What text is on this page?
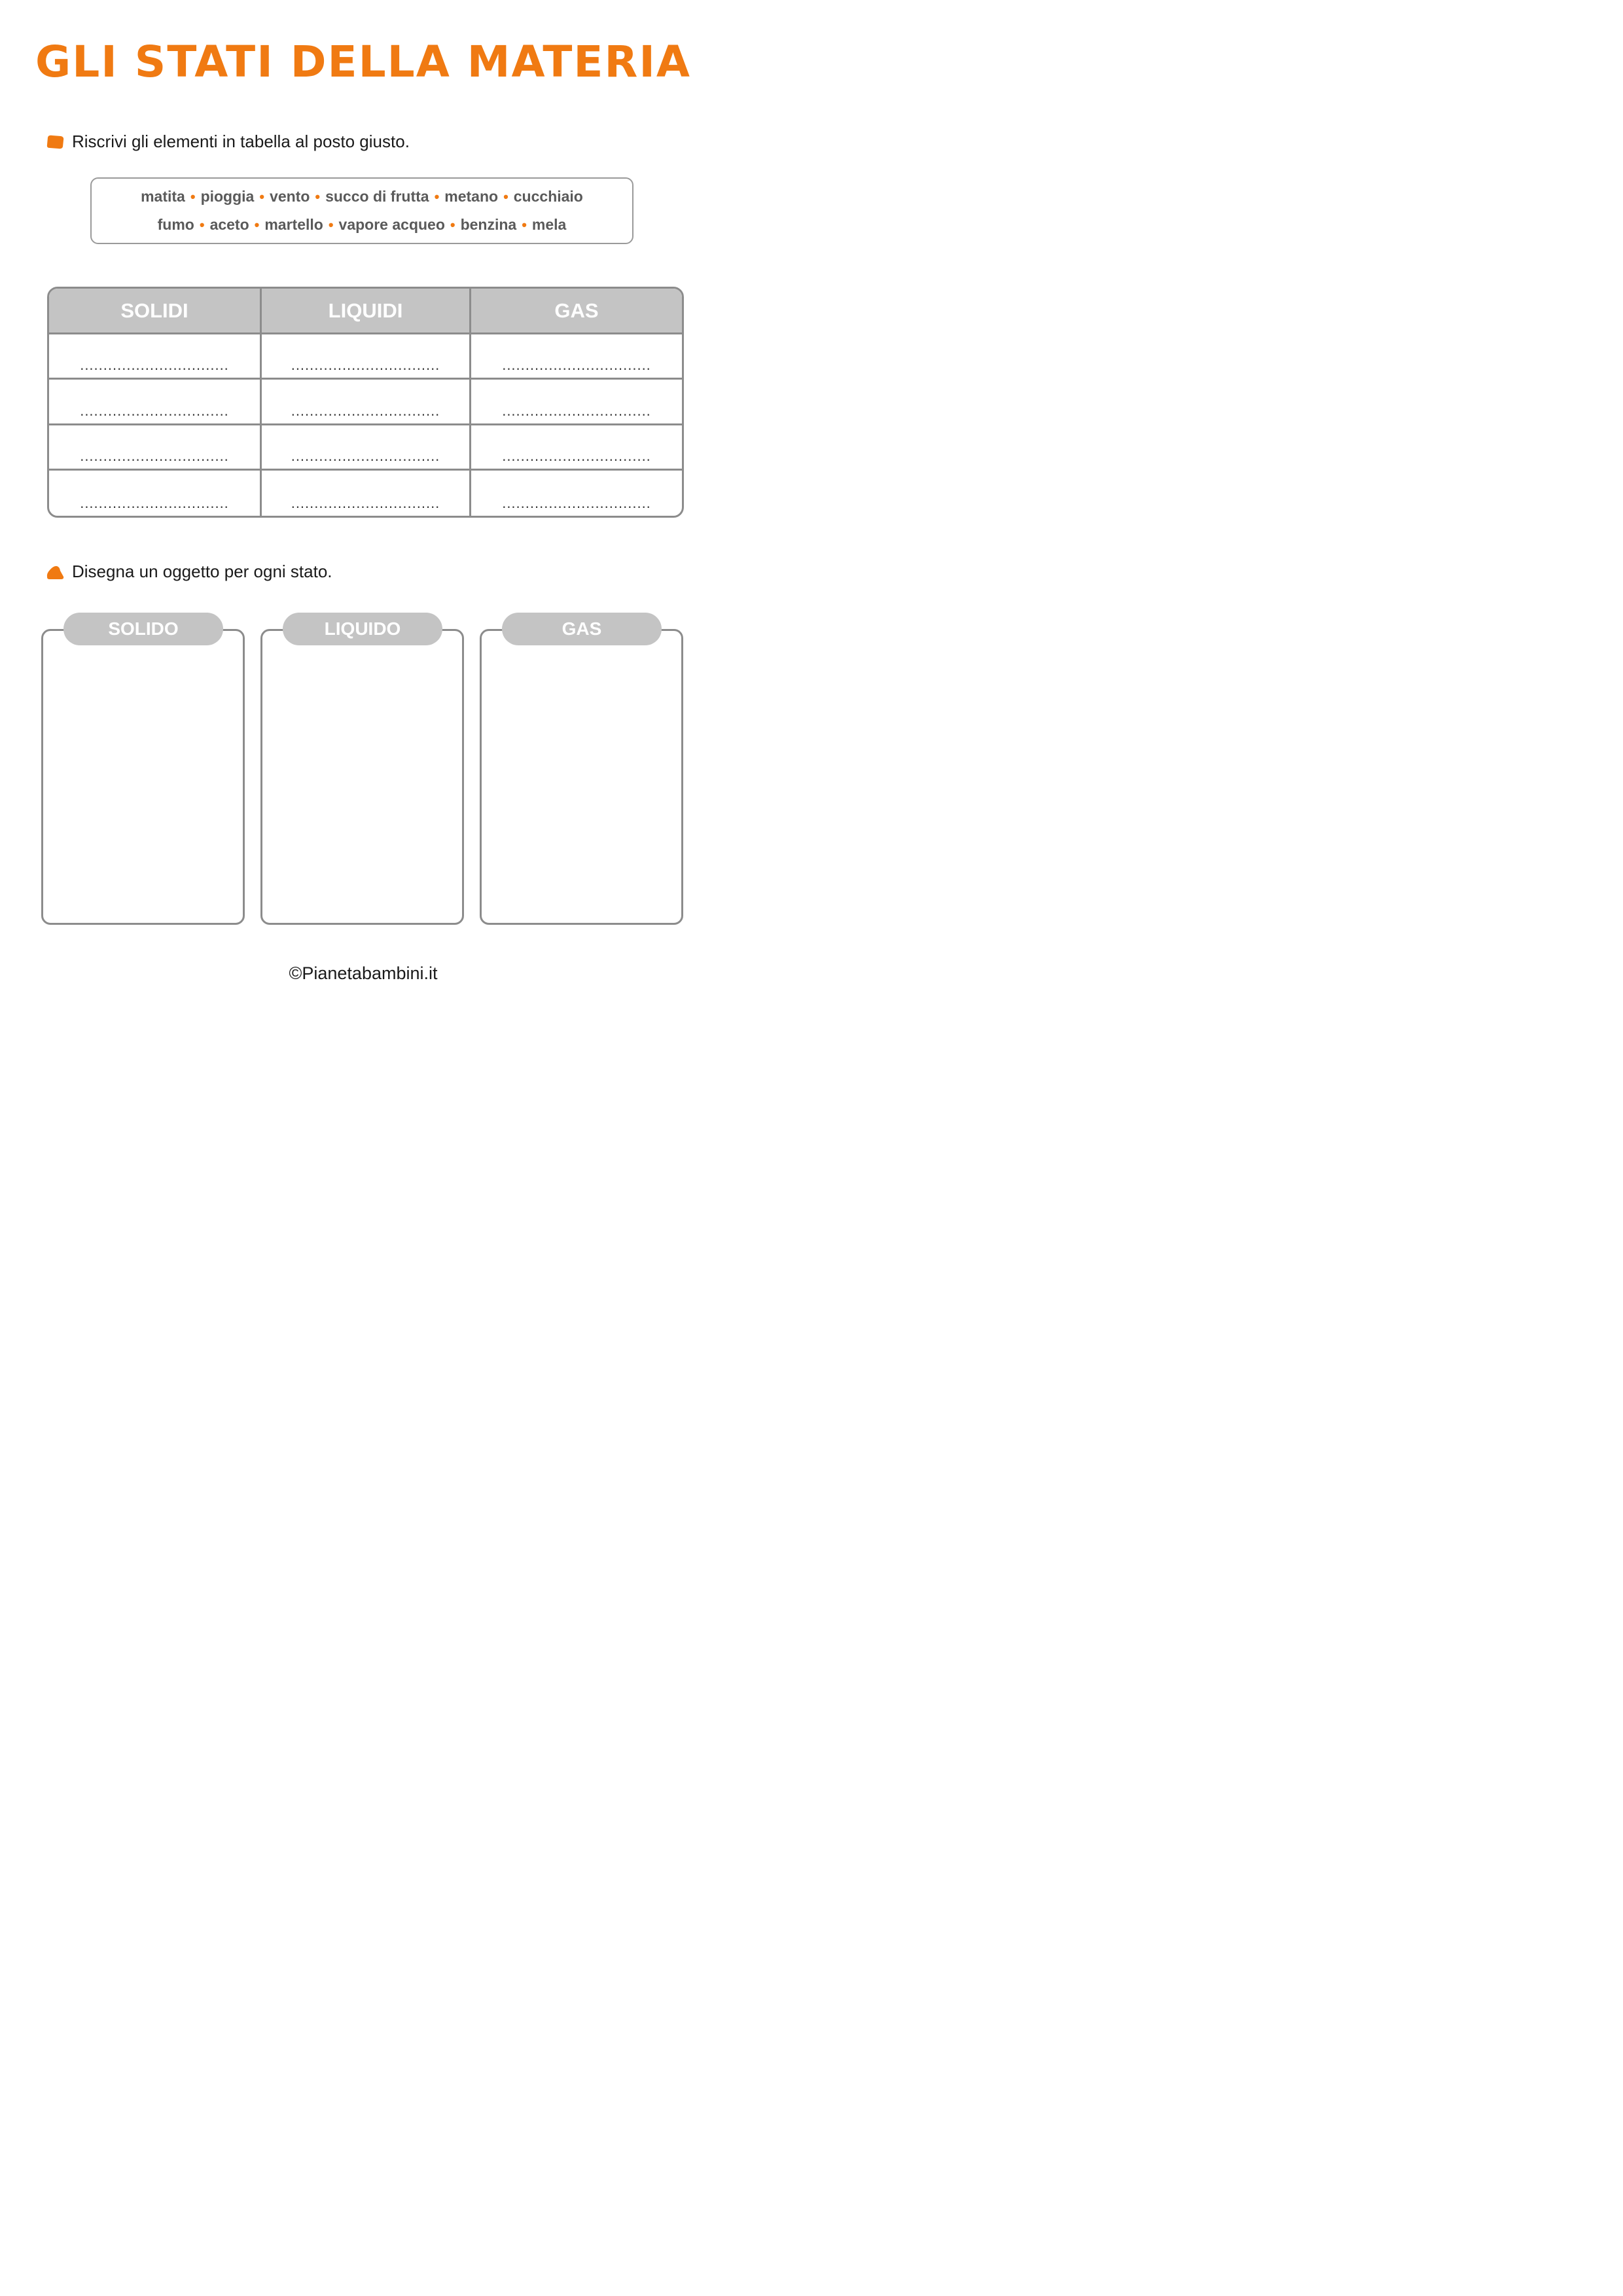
GLI STATI DELLA MATERIA
Riscrivi gli elementi in tabella al posto giusto.
matita • pioggia • vento • succo di frutta • metano • cucchiaio
fumo • aceto • martello • vapore acqueo • benzina • mela
SOLIDI	LIQUIDI	GAS
................................	................................	................................
................................	................................	................................
................................	................................	................................
................................	................................	................................
Disegna un oggetto per ogni stato.
SOLIDO	LIQUIDO	GAS
©Pianetabambini.it
